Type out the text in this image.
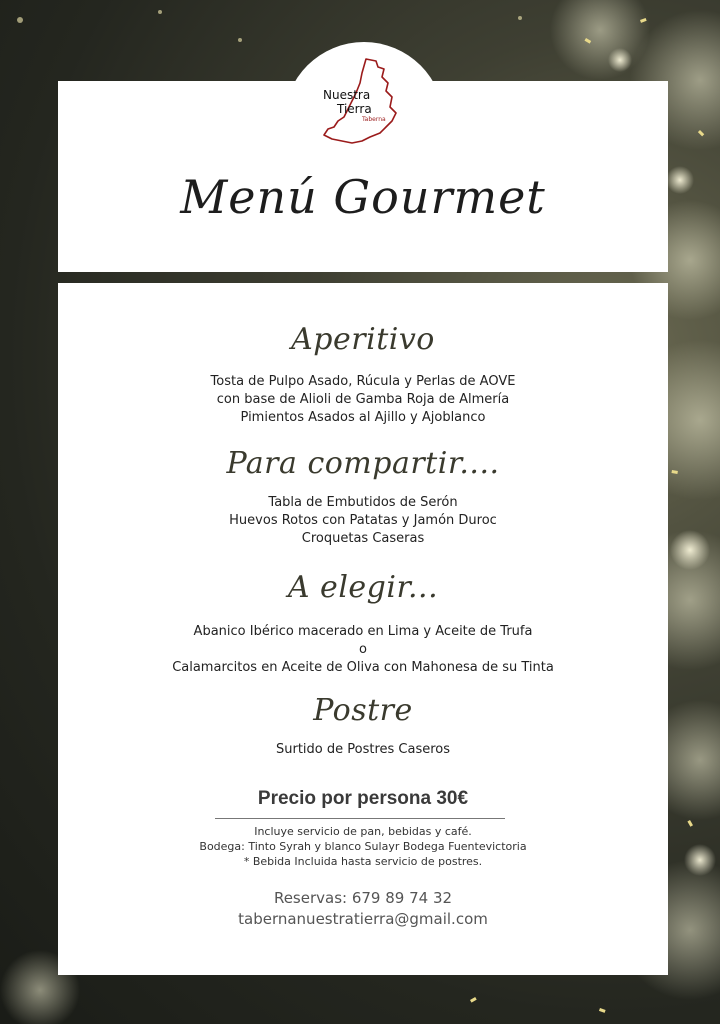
Nuestra
Tierra
Taberna
Menú Gourmet
Aperitivo
Tosta de Pulpo Asado, Rúcula y Perlas de AOVE
con base de Alioli de Gamba Roja de Almería
Pimientos Asados al Ajillo y Ajoblanco
Para compartir....
Tabla de Embutidos de Serón
Huevos Rotos con Patatas y Jamón Duroc
Croquetas Caseras
A elegir...
Abanico Ibérico macerado en Lima y Aceite de Trufa
o
Calamarcitos en Aceite de Oliva con Mahonesa de su Tinta
Postre
Surtido de Postres Caseros
Precio por persona 30€
Incluye servicio de pan, bebidas y café.
Bodega: Tinto Syrah y blanco Sulayr Bodega Fuentevictoria
* Bebida Incluida hasta servicio de postres.
Reservas: 679 89 74 32
tabernanuestratierra@gmail.com
